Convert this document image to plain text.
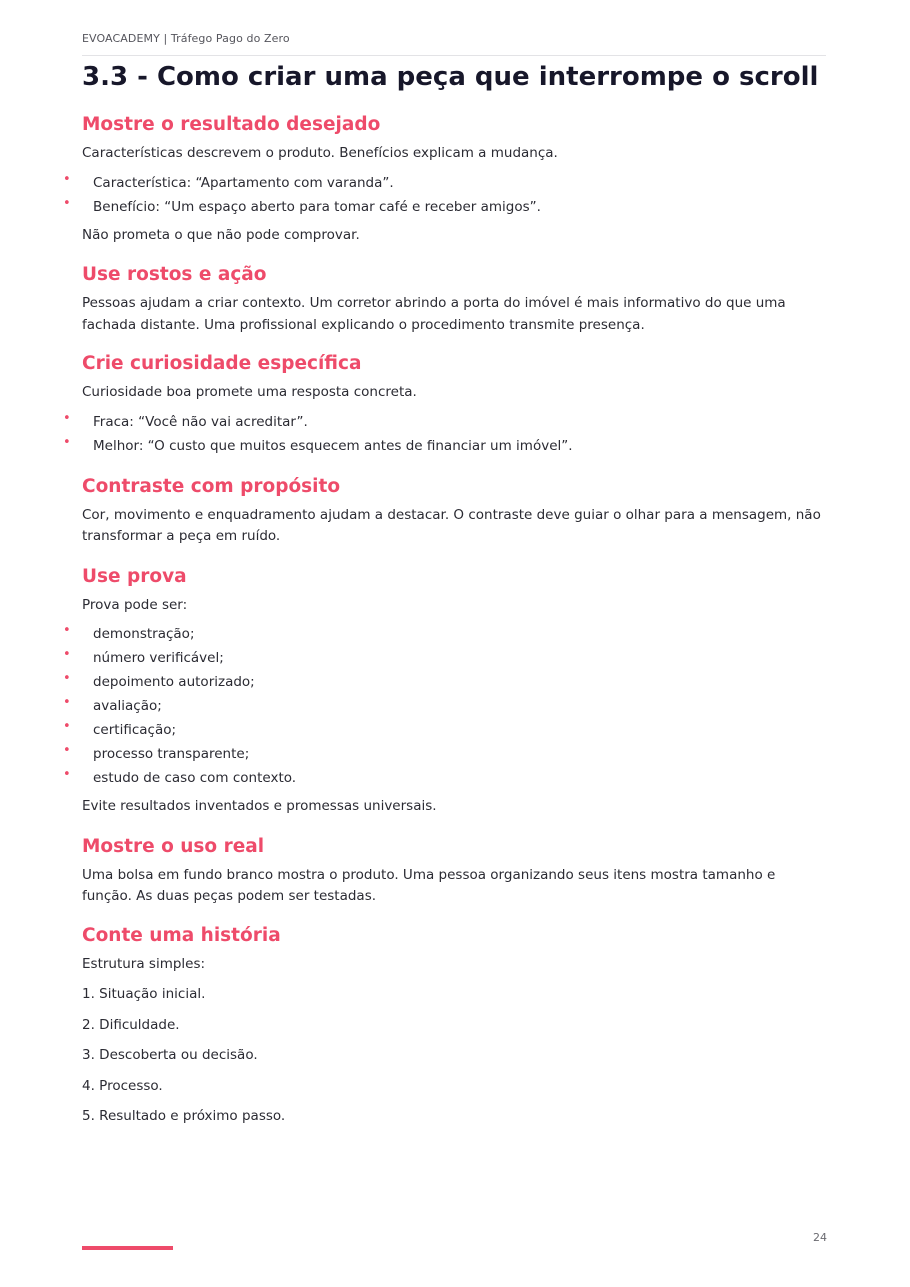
EVOACADEMY | Tráfego Pago do Zero
3.3 - Como criar uma peça que interrompe o scroll
Mostre o resultado desejado

Características descrevem o produto. Benefícios explicam a mudança.

• Característica: “Apartamento com varanda”.
• Benefício: “Um espaço aberto para tomar café e receber amigos”.

Não prometa o que não pode comprovar.

Use rostos e ação

Pessoas ajudam a criar contexto. Um corretor abrindo a porta do imóvel é mais informativo do que uma fachada distante. Uma profissional explicando o procedimento transmite presença.

Crie curiosidade específica

Curiosidade boa promete uma resposta concreta.

• Fraca: “Você não vai acreditar”.
• Melhor: “O custo que muitos esquecem antes de financiar um imóvel”.
Contraste com propósito

Cor, movimento e enquadramento ajudam a destacar. O contraste deve guiar o olhar para a mensagem, não transformar a peça em ruído.

Use prova

Prova pode ser:

• demonstração;
• número verificável;
• depoimento autorizado;
• avaliação;
• certificação;
• processo transparente;
• estudo de caso com contexto.

Evite resultados inventados e promessas universais.

Mostre o uso real

Uma bolsa em fundo branco mostra o produto. Uma pessoa organizando seus itens mostra tamanho e função. As duas peças podem ser testadas.

Conte uma história

Estrutura simples:

1. Situação inicial.

2. Dificuldade.

3. Descoberta ou decisão.

4. Processo.

5. Resultado e próximo passo.

24
